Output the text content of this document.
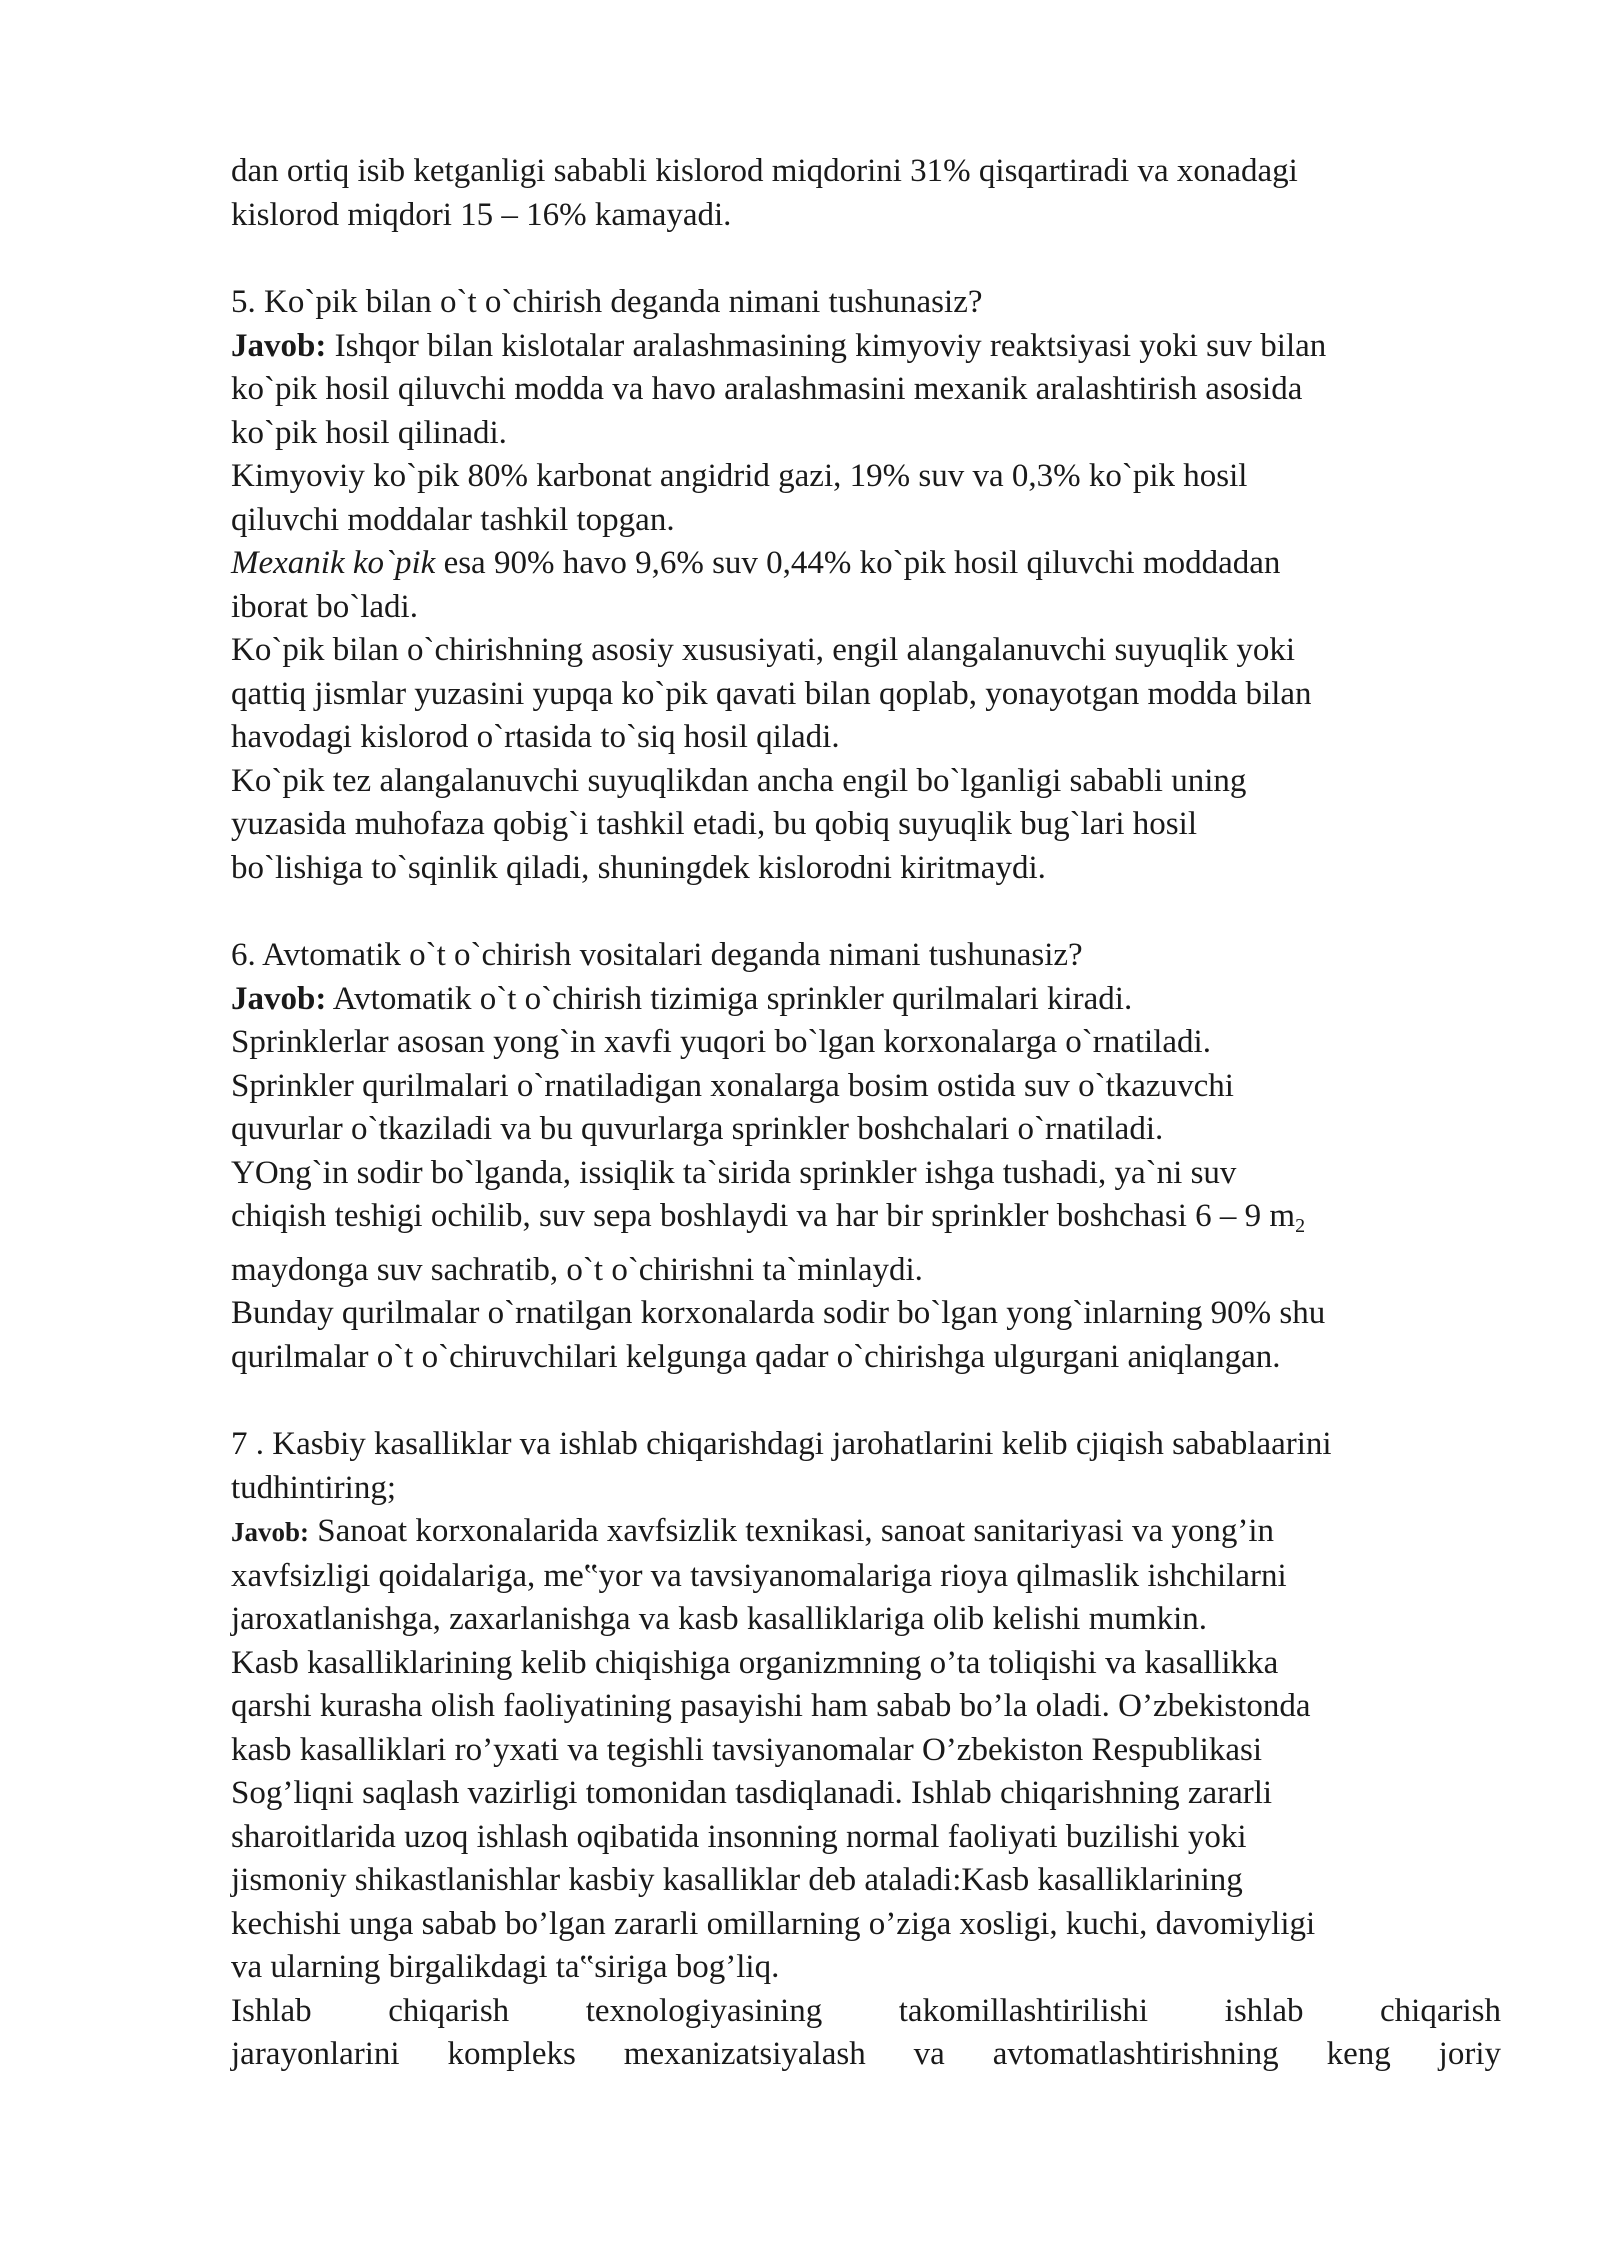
dan ortiq isib ketganligi sababli kislorod miqdorini 31% qisqartiradi va xonadagi

kislorod miqdori 15 – 16% kamayadi.

5. Ko`pik bilan o`t o`chirish deganda nimani tushunasiz?

Javob: Ishqor bilan kislotalar aralashmasining kimyoviy reaktsiyasi yoki suv bilan

ko`pik hosil qiluvchi modda va havo aralashmasini mexanik aralashtirish asosida

ko`pik hosil qilinadi.

Kimyoviy ko`pik 80% karbonat angidrid gazi, 19% suv va 0,3% ko`pik hosil

qiluvchi moddalar tashkil topgan.

Mexanik ko`pik esa 90% havo 9,6% suv 0,44% ko`pik hosil qiluvchi moddadan

iborat bo`ladi.

Ko`pik bilan o`chirishning asosiy xususiyati, engil alangalanuvchi suyuqlik yoki

qattiq jismlar yuzasini yupqa ko`pik qavati bilan qoplab, yonayotgan modda bilan

havodagi kislorod o`rtasida to`siq hosil qiladi.

Ko`pik tez alangalanuvchi suyuqlikdan ancha engil bo`lganligi sababli uning

yuzasida muhofaza qobig`i tashkil etadi, bu qobiq suyuqlik bug`lari hosil

bo`lishiga to`sqinlik qiladi, shuningdek kislorodni kiritmaydi.

6. Avtomatik o`t o`chirish vositalari deganda nimani tushunasiz?

Javob: Avtomatik o`t o`chirish tizimiga sprinkler qurilmalari kiradi.

Sprinklerlar asosan yong`in xavfi yuqori bo`lgan korxonalarga o`rnatiladi.

Sprinkler qurilmalari o`rnatiladigan xonalarga bosim ostida suv o`tkazuvchi

quvurlar o`tkaziladi va bu quvurlarga sprinkler boshchalari o`rnatiladi.

YOng`in sodir bo`lganda, issiqlik ta`sirida sprinkler ishga tushadi, ya`ni suv

chiqish teshigi ochilib, suv sepa boshlaydi va har bir sprinkler boshchasi 6 – 9 $m_2$

maydonga suv sachratib, o`t o`chirishni ta`minlaydi.

Bunday qurilmalar o`rnatilgan korxonalarda sodir bo`lgan yong`inlarning 90% shu

qurilmalar o`t o`chiruvchilari kelgunga qadar o`chirishga ulgurgani aniqlangan.

7 . Kasbiy kasalliklar va ishlab chiqarishdagi jarohatlarini kelib cjiqish sabablaarini

tudhintiring;

Javob: Sanoat korxonalarida xavfsizlik texnikasi, sanoat sanitariyasi va yong’in

xavfsizligi qoidalariga, me‟yor va tavsiyanomalariga rioya qilmaslik ishchilarni

jaroxatlanishga, zaxarlanishga va kasb kasalliklariga olib kelishi mumkin.

Kasb kasalliklarining kelib chiqishiga organizmning o’ta toliqishi va kasallikka

qarshi kurasha olish faoliyatining pasayishi ham sabab bo’la oladi. O’zbekistonda

kasb kasalliklari ro’yxati va tegishli tavsiyanomalar O’zbekiston Respublikasi

Sog’liqni saqlash vazirligi tomonidan tasdiqlanadi. Ishlab chiqarishning zararli

sharoitlarida uzoq ishlash oqibatida insonning normal faoliyati buzilishi yoki

jismoniy shikastlanishlar kasbiy kasalliklar deb ataladi:Kasb kasalliklarining

kechishi unga sabab bo’lgan zararli omillarning o’ziga xosligi, kuchi, davomiyligi

va ularning birgalikdagi ta‟siriga bog’liq.

Ishlab chiqarish texnologiyasining takomillashtirilishi ishlab chiqarish

jarayonlarini kompleks mexanizatsiyalash va avtomatlashtirishning keng joriy
